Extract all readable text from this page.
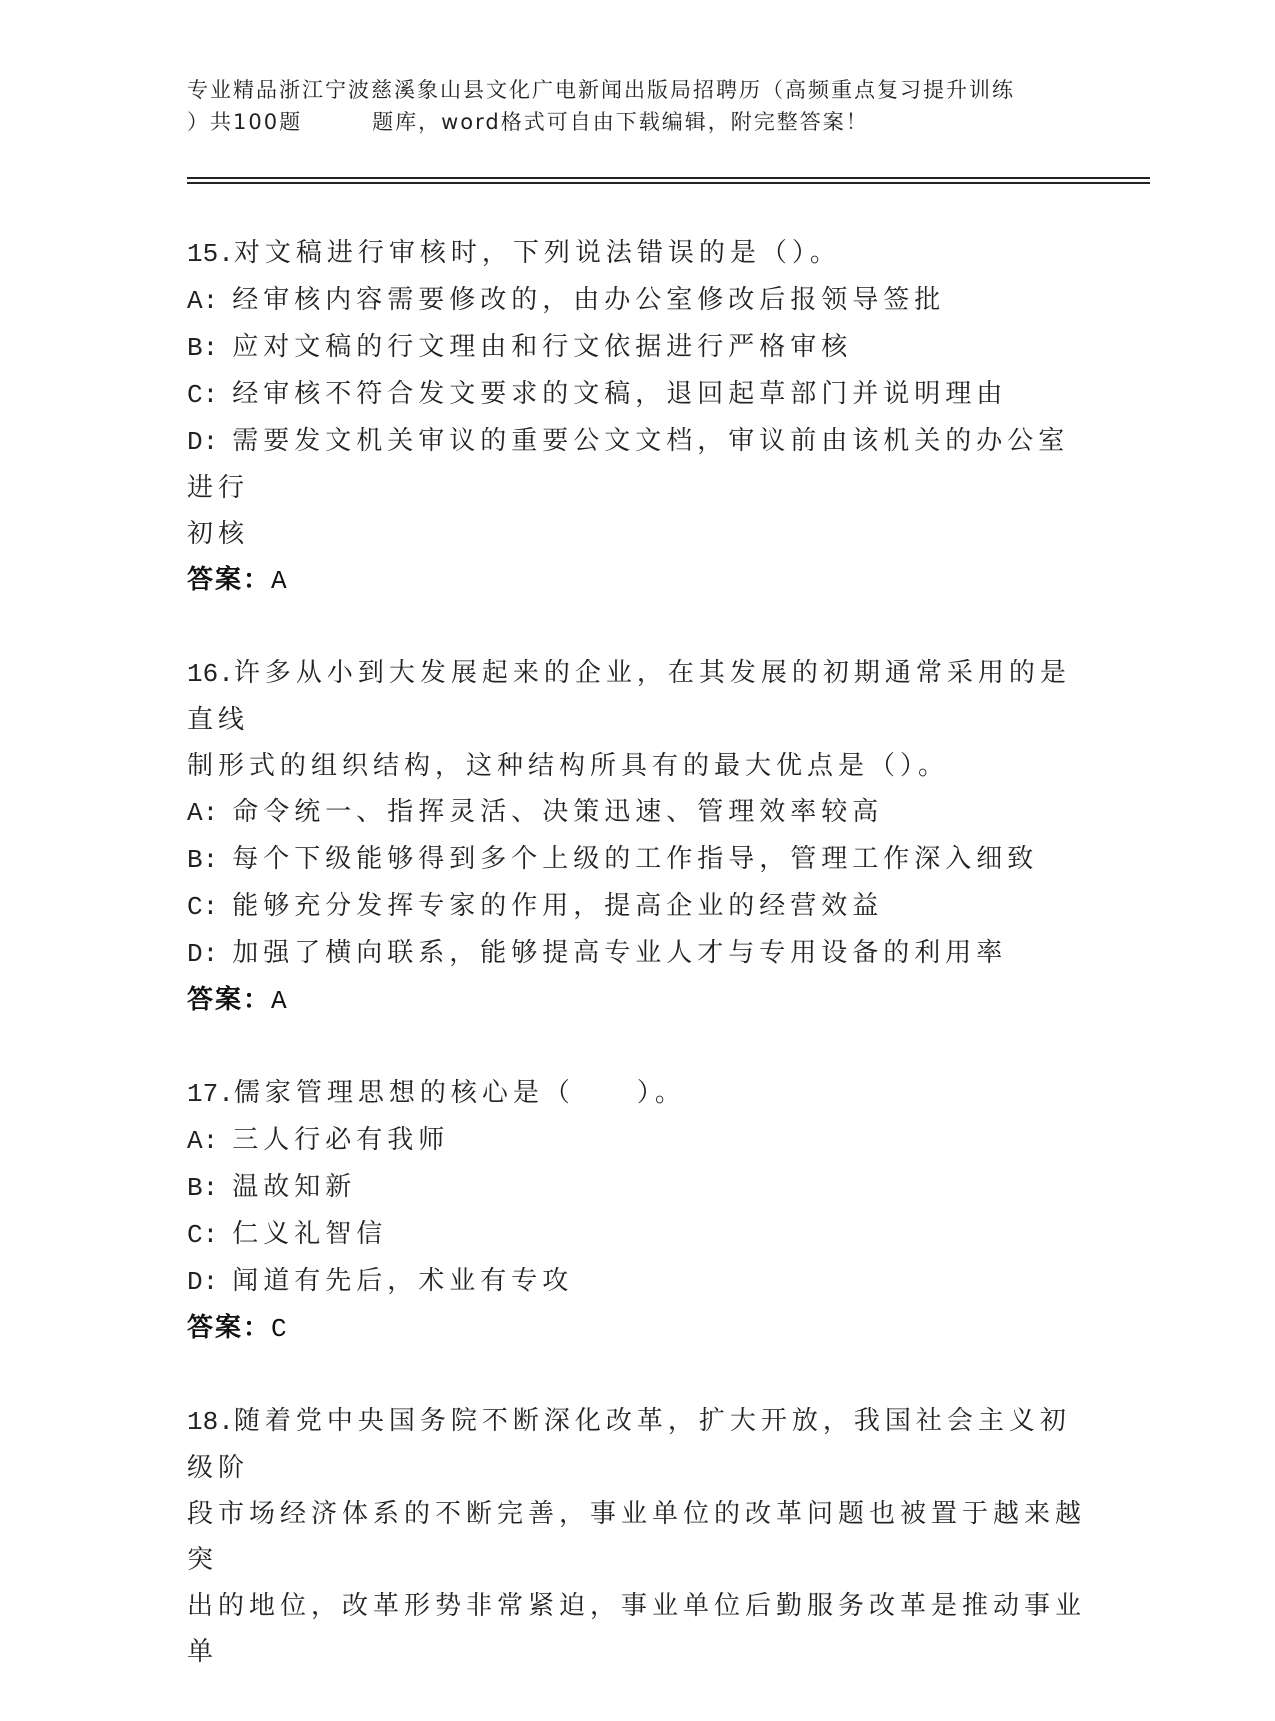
专业精品浙江宁波慈溪象山县文化广电新闻出版局招聘历（高频重点复习提升训练
）共100题	题库，word格式可自由下载编辑，附完整答案！
15.对文稿进行审核时，下列说法错误的是（）。
A: 经审核内容需要修改的，由办公室修改后报领导签批
B: 应对文稿的行文理由和行文依据进行严格审核
C: 经审核不符合发文要求的文稿，退回起草部门并说明理由
D: 需要发文机关审议的重要公文文档，审议前由该机关的办公室进行
初核
答案：A
16.许多从小到大发展起来的企业，在其发展的初期通常采用的是直线
制形式的组织结构，这种结构所具有的最大优点是（）。
A: 命令统一、指挥灵活、决策迅速、管理效率较高
B: 每个下级能够得到多个上级的工作指导，管理工作深入细致
C: 能够充分发挥专家的作用，提高企业的经营效益
D: 加强了横向联系，能够提高专业人才与专用设备的利用率
答案：A
17.儒家管理思想的核心是（　　）。
A: 三人行必有我师
B: 温故知新
C: 仁义礼智信
D: 闻道有先后，术业有专攻
答案：C
18.随着党中央国务院不断深化改革，扩大开放，我国社会主义初级阶
段市场经济体系的不断完善，事业单位的改革问题也被置于越来越突
出的地位，改革形势非常紧迫，事业单位后勤服务改革是推动事业单
